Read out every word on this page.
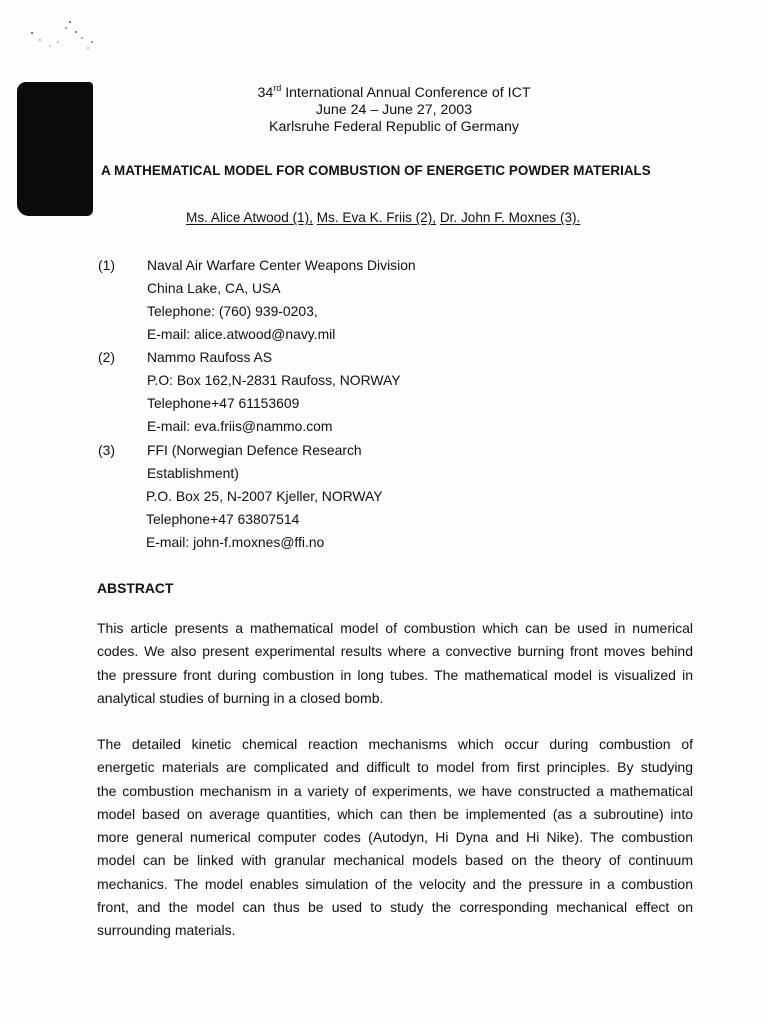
34rd International Annual Conference of ICT
June 24 – June 27, 2003
Karlsruhe Federal Republic of Germany
A MATHEMATICAL MODEL FOR COMBUSTION OF ENERGETIC POWDER MATERIALS
Ms. Alice Atwood (1), Ms. Eva K. Friis (2), Dr. John F. Moxnes (3).
(1) Naval Air Warfare Center Weapons Division
China Lake, CA, USA
Telephone: (760) 939-0203,
E-mail: alice.atwood@navy.mil
(2) Nammo Raufoss AS
P.O: Box 162,N-2831 Raufoss, NORWAY
Telephone+47 61153609
E-mail: eva.friis@nammo.com
(3) FFI (Norwegian Defence Research
Establishment)
P.O. Box 25, N-2007 Kjeller, NORWAY
Telephone+47 63807514
E-mail: john-f.moxnes@ffi.no
ABSTRACT
This article presents a mathematical model of combustion which can be used in numerical
codes. We also present experimental results where a convective burning front moves behind
the pressure front during combustion in long tubes. The mathematical model is visualized in
analytical studies of burning in a closed bomb.
The detailed kinetic chemical reaction mechanisms which occur during combustion of
energetic materials are complicated and difficult to model from first principles. By studying
the combustion mechanism in a variety of experiments, we have constructed a mathematical
model based on average quantities, which can then be implemented (as a subroutine) into
more general numerical computer codes (Autodyn, Hi Dyna and Hi Nike). The combustion
model can be linked with granular mechanical models based on the theory of continuum
mechanics. The model enables simulation of the velocity and the pressure in a combustion
front, and the model can thus be used to study the corresponding mechanical effect on
surrounding materials.
